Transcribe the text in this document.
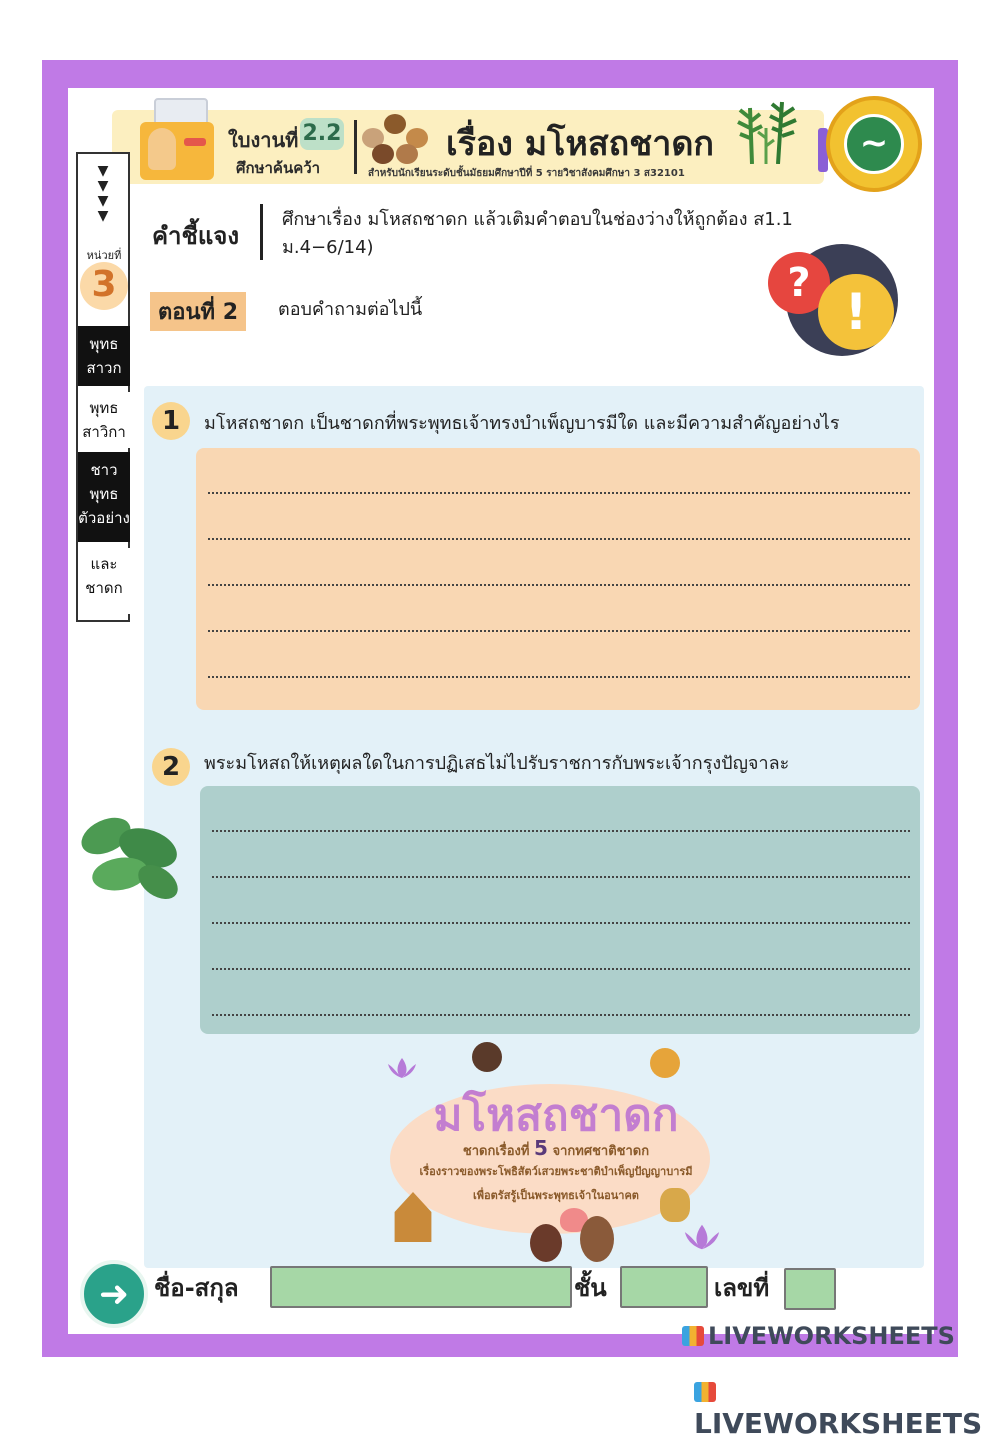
ใบงานที่ 2.2
ศึกษาค้นคว้า
เรื่อง มโหสถชาดก
สำหรับนักเรียนระดับชั้นมัธยมศึกษาปีที่ 5 รายวิชาสังคมศึกษา 3 ส32101
~
▼
▼
▼
▼
หน่วยที่
3
พุทธ สาวก
พุทธ สาวิกา
ชาว พุทธ ตัวอย่าง
และ ชาดก
คำชี้แจง
ศึกษาเรื่อง มโหสถชาดก แล้วเติมคำตอบในช่องว่างให้ถูกต้อง ส1.1 ม.4−6/14)
ตอนที่ 2	ตอบคำถามต่อไปนี้
? !
1	มโหสถชาดก เป็นชาดกที่พระพุทธเจ้าทรงบำเพ็ญบารมีใด และมีความสำคัญอย่างไร
2	พระมโหสถให้เหตุผลใดในการปฏิเสธไม่ไปรับราชการกับพระเจ้ากรุงปัญจาละ
มโหสถชาดก
ชาดกเรื่องที่ 5 จากทศชาติชาดก
เรื่องราวของพระโพธิสัตว์เสวยพระชาติบำเพ็ญปัญญาบารมี
เพื่อตรัสรู้เป็นพระพุทธเจ้าในอนาคต
➜	ชื่อ-สกุล	ชั้น	เลขที่
LIVEWORKSHEETS
LIVEWORKSHEETS
